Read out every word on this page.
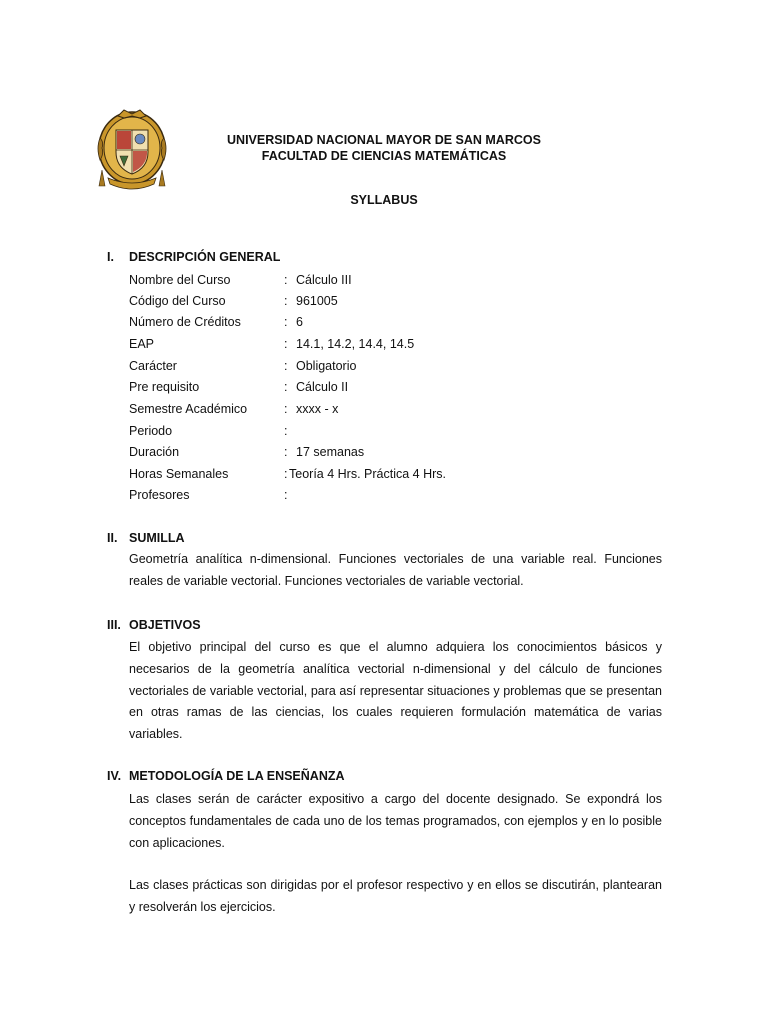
UNIVERSIDAD NACIONAL MAYOR DE SAN MARCOS
FACULTAD DE CIENCIAS MATEMÁTICAS
SYLLABUS
I. DESCRIPCIÓN GENERAL
Nombre del Curso	: Cálculo III
Código del Curso	: 961005
Número de Créditos	: 6
EAP	: 14.1, 14.2, 14.4, 14.5
Carácter	: Obligatorio
Pre requisito	: Cálculo II
Semestre Académico	: xxxx - x
Periodo	:
Duración	: 17 semanas
Horas Semanales	: Teoría 4 Hrs. Práctica 4 Hrs.
Profesores	:
II. SUMILLA
Geometría analítica n-dimensional. Funciones vectoriales de una variable real. Funciones reales de variable vectorial. Funciones vectoriales de variable vectorial.
III. OBJETIVOS
El objetivo principal del curso es que el alumno adquiera los conocimientos básicos y necesarios de la geometría analítica vectorial n-dimensional y del cálculo de funciones vectoriales de variable vectorial, para así representar situaciones y problemas que se presentan en otras ramas de las ciencias, los cuales requieren formulación matemática de varias variables.
IV. METODOLOGÍA DE LA ENSEÑANZA
Las clases serán de carácter expositivo a cargo del docente designado. Se expondrá los conceptos fundamentales de cada uno de los temas programados, con ejemplos y en lo posible con aplicaciones.
Las clases prácticas son dirigidas por el profesor respectivo y en ellos se discutirán, plantearan y resolverán los ejercicios.
